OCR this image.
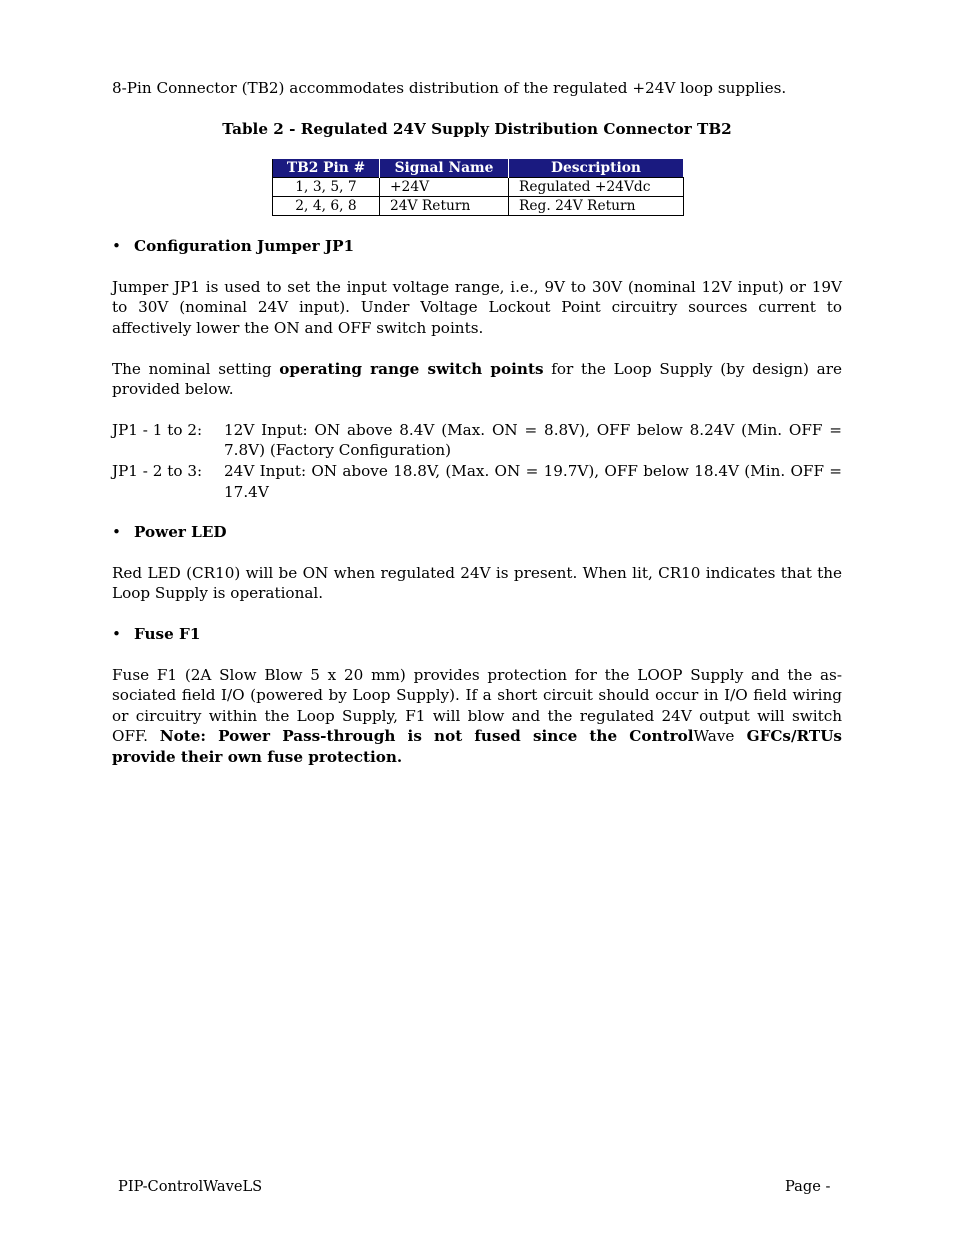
8-Pin Connector (TB2) accommodates distribution of the regulated +24V loop supplies.

Table 2 - Regulated 24V Supply Distribution Connector TB2

TB2 Pin #	Signal Name	Description
1, 3, 5, 7	+24V	Regulated +24Vdc
2, 4, 6, 8	24V Return	Reg. 24V Return
• Configuration Jumper JP1

Jumper JP1 is used to set the input voltage range, i.e., 9V to 30V (nominal 12V input) or 19V to 30V (nominal 24V input). Under Voltage Lockout Point circuitry sources current to affectively lower the ON and OFF switch points.

The nominal setting operating range switch points for the Loop Supply (by design) are provided below.

JP1 - 1 to 2:	12V Input: ON above 8.4V (Max. ON = 8.8V), OFF below 8.24V (Min. OFF = 7.8V) (Factory Configuration)
JP1 - 2 to 3:	24V Input: ON above 18.8V, (Max. ON = 19.7V), OFF below 18.4V (Min. OFF = 17.4V
• Power LED

Red LED (CR10) will be ON when regulated 24V is present. When lit, CR10 indicates that the Loop Supply is operational.

• Fuse F1

Fuse F1 (2A Slow Blow 5 x 20 mm) provides protection for the LOOP Supply and the as-sociated field I/O (powered by Loop Supply). If a short circuit should occur in I/O field wiring or circuitry within the Loop Supply, F1 will blow and the regulated 24V output will switch OFF. Note: Power Pass-through is not fused since the ControlWave GFCs/RTUs provide their own fuse protection.

PIP-ControlWaveLS	Page -
